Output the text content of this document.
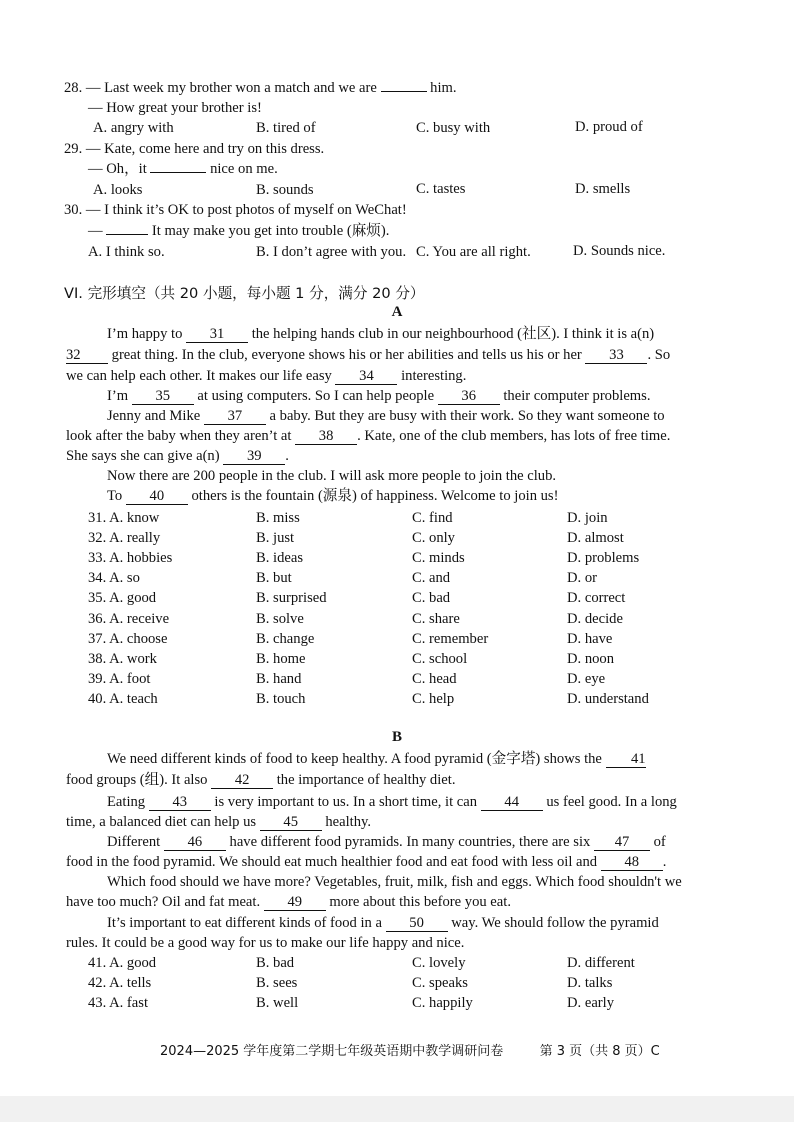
28. — Last week my brother won a match and we are	him.
— How great your brother is!
A. angry with	B. tired of	C. busy with	D. proud of
29. — Kate, come here and try on this dress.
— Oh，it	nice on me.
A. looks	B. sounds	C. tastes	D. smells
30. — I think it’s OK to post photos of myself on WeChat!
—	It may make you get into trouble (麻烦).
A. I think so.	B. I don’t agree with you. C. You are all right.	D. Sounds nice.
VI. 完形填空（共 20 小题，每小题 1 分，满分 20 分）
A
I’m happy to 31 the helping hands club in our neighbourhood (社区). I think it is a(n)
32 great thing. In the club, everyone shows his or her abilities and tells us his or her 33 . So
we can help each other. It makes our life easy 34 interesting.
I’m 35 at using computers. So I can help people 36 their computer problems.
Jenny and Mike 37 a baby. But they are busy with their work. So they want someone to
look after the baby when they aren’t at 38 . Kate, one of the club members, has lots of free time.
She says she can give a(n) 39 .
Now there are 200 people in the club. I will ask more people to join the club.
To 40 others is the fountain (源泉) of happiness. Welcome to join us!
31. A. know	B. miss	C. find	D. join
32. A. really	B. just	C. only	D. almost
33. A. hobbies	B. ideas	C. minds	D. problems
34. A. so	B. but	C. and	D. or
35. A. good	B. surprised	C. bad	D. correct
36. A. receive	B. solve	C. share	D. decide
37. A. choose	B. change	C. remember	D. have
38. A. work	B. home	C. school	D. noon
39. A. foot	B. hand	C. head	D. eye
40. A. teach	B. touch	C. help	D. understand
B
We need different kinds of food to keep healthy. A food pyramid (金字塔) shows the 41
food groups (组). It also 42 the importance of healthy diet.
Eating 43 is very important to us. In a short time, it can 44 us feel good. In a long
time, a balanced diet can help us 45 healthy.
Different 46 have different food pyramids. In many countries, there are six 47 of
food in the food pyramid. We should eat much healthier food and eat food with less oil and 48 .
Which food should we have more? Vegetables, fruit, milk, fish and eggs. Which food shouldn't we
have too much? Oil and fat meat. 49 more about this before you eat.
It’s important to eat different kinds of food in a 50 way. We should follow the pyramid
rules. It could be a good way for us to make our life happy and nice.
41. A. good	B. bad	C. lovely	D. different
42. A. tells	B. sees	C. speaks	D. talks
43. A. fast	B. well	C. happily	D. early
2024—2025 学年度第二学期七年级英语期中教学调研问卷	第 3 页（共 8 页）C
